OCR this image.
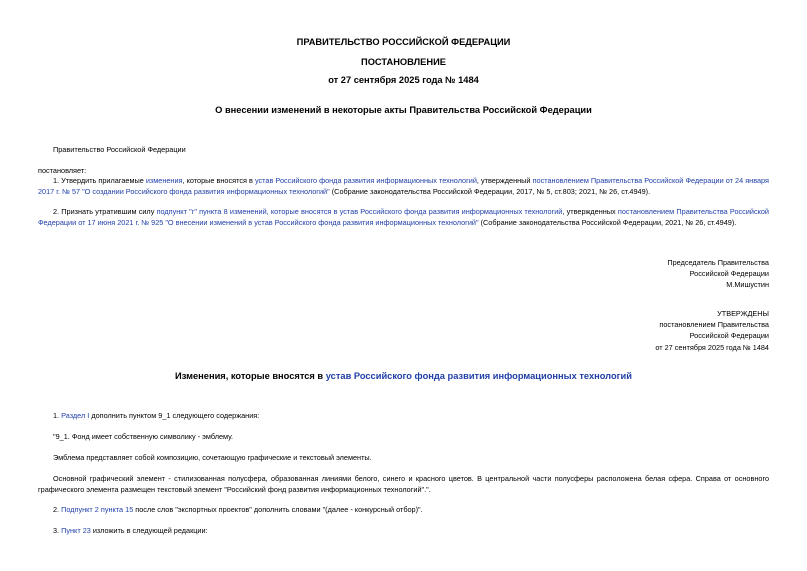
ПРАВИТЕЛЬСТВО РОССИЙСКОЙ ФЕДЕРАЦИИ
ПОСТАНОВЛЕНИЕ
от 27 сентября 2025 года № 1484
О внесении изменений в некоторые акты Правительства Российской Федерации
Правительство Российской Федерации
постановляет:
1. Утвердить прилагаемые изменения, которые вносятся в устав Российского фонда развития информационных технологий, утвержденный постановлением Правительства Российской Федерации от 24 января 2017 г. № 57 "О создании Российского фонда развития информационных технологий" (Собрание законодательства Российской Федерации, 2017, № 5, ст.803; 2021, № 26, ст.4949).
2. Признать утратившим силу подпункт "г" пункта 8 изменений, которые вносятся в устав Российского фонда развития информационных технологий, утвержденных постановлением Правительства Российской Федерации от 17 июня 2021 г. № 925 "О внесении изменений в устав Российского фонда развития информационных технологий" (Собрание законодательства Российской Федерации, 2021, № 26, ст.4949).
Председатель Правительства
Российской Федерации
М.Мишустин
УТВЕРЖДЕНЫ
постановлением Правительства
Российской Федерации
от 27 сентября 2025 года № 1484
Изменения, которые вносятся в устав Российского фонда развития информационных технологий
1. Раздел I дополнить пунктом 9_1 следующего содержания:
"9_1. Фонд имеет собственную символику - эмблему.
Эмблема представляет собой композицию, сочетающую графические и текстовый элементы.
Основной графический элемент - стилизованная полусфера, образованная линиями белого, синего и красного цветов. В центральной части полусферы расположена белая сфера. Справа от основного графического элемента размещен текстовый элемент "Российский фонд развития информационных технологий".".
2. Подпункт 2 пункта 15 после слов "экспортных проектов" дополнить словами "(далее - конкурсный отбор)".
3. Пункт 23 изложить в следующей редакции:
